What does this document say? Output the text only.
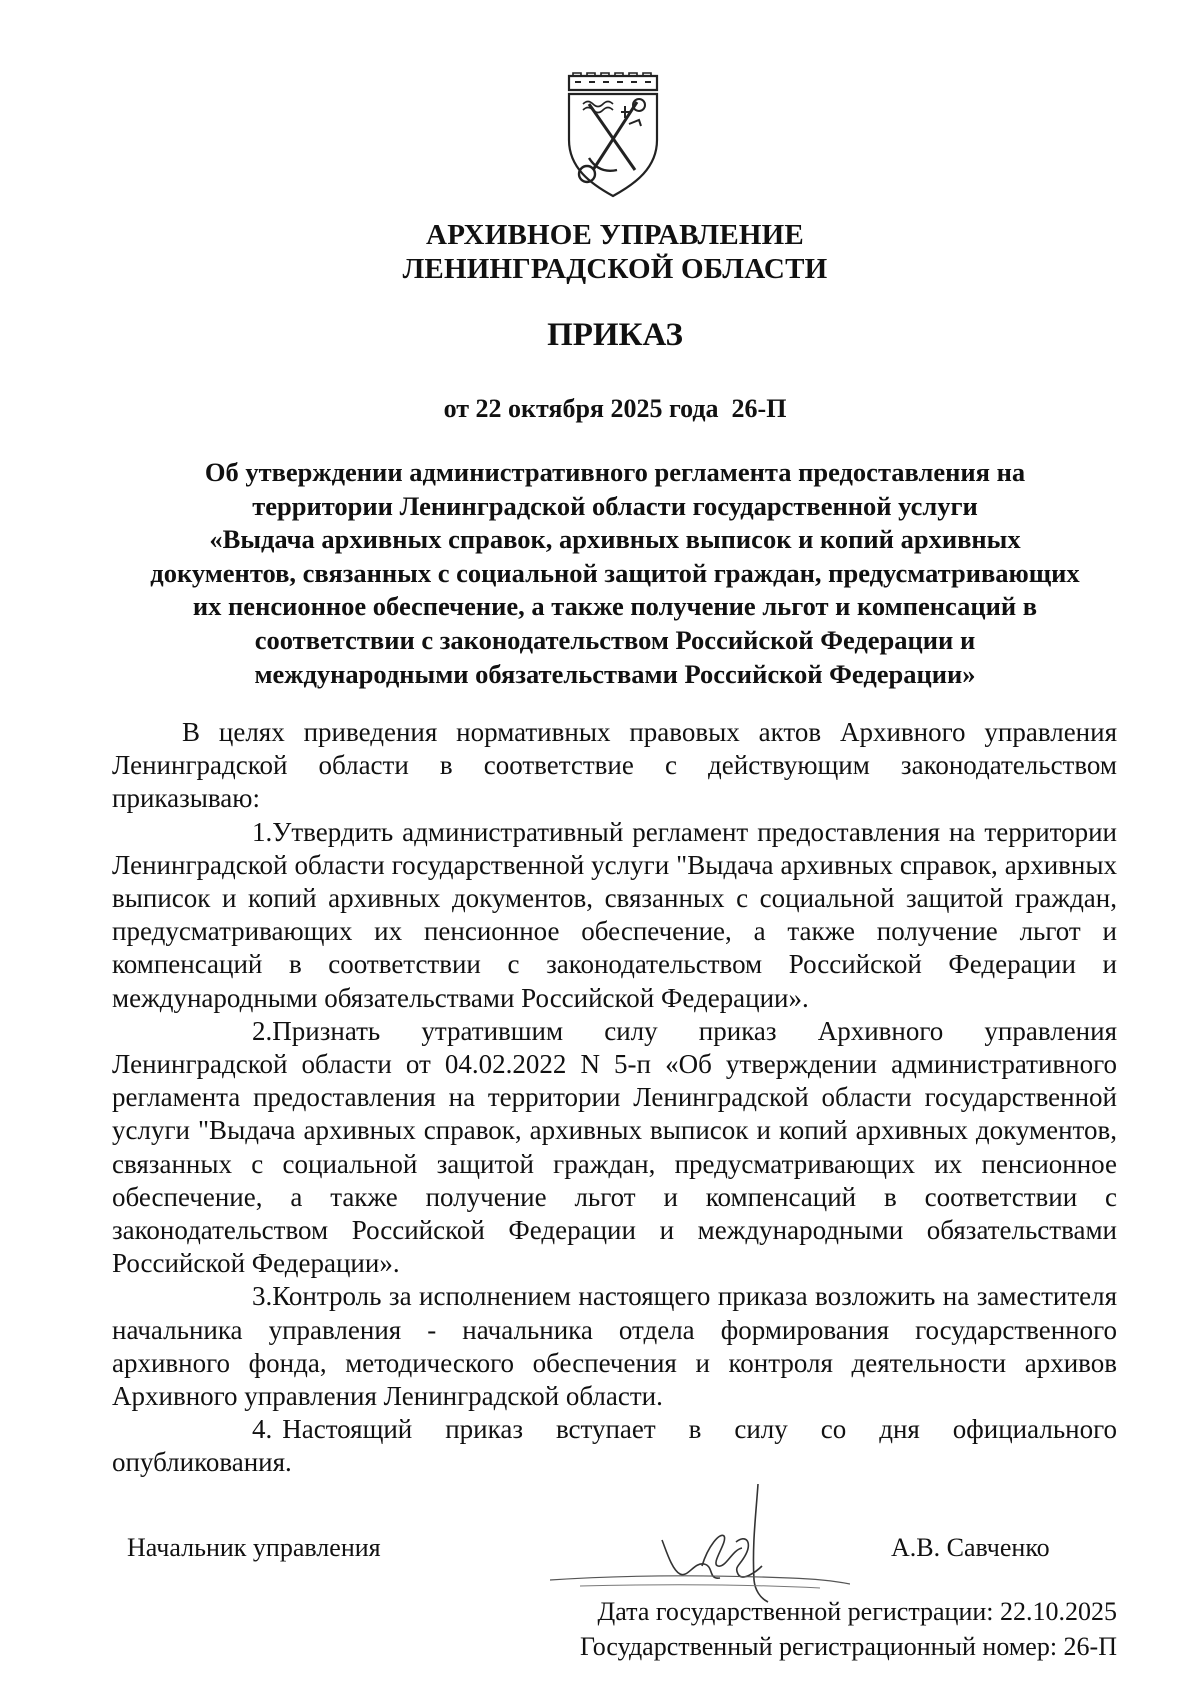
АРХИВНОЕ УПРАВЛЕНИЕ
ЛЕНИНГРАДСКОЙ ОБЛАСТИ
ПРИКАЗ
от 22 октября 2025 года  26-П
Об утверждении административного регламента предоставления на
территории Ленинградской области государственной услуги
«Выдача архивных справок, архивных выписок и копий архивных
документов, связанных с социальной защитой граждан, предусматривающих
их пенсионное обеспечение, а также получение льгот и компенсаций в
соответствии с законодательством Российской Федерации и
международными обязательствами Российской Федерации»

В целях приведения нормативных правовых актов Архивного управления Ленинградской области в соответствие с действующим законодательством приказываю:

1.Утвердить административный регламент предоставления на территории Ленинградской области государственной услуги "Выдача архивных справок, архивных выписок и копий архивных документов, связанных с социальной защитой граждан, предусматривающих их пенсионное обеспечение, а также получение льгот и компенсаций в соответствии с законодательством Российской Федерации и международными обязательствами Российской Федерации».

2.Признать утратившим силу приказ Архивного управления Ленинградской области от 04.02.2022 N 5-п «Об утверждении административного регламента предоставления на территории Ленинградской области государственной услуги "Выдача архивных справок, архивных выписок и копий архивных документов, связанных с социальной защитой граждан, предусматривающих их пенсионное обеспечение, а также получение льгот и компенсаций в соответствии с законодательством Российской Федерации и международными обязательствами Российской Федерации».

3.Контроль за исполнением настоящего приказа возложить на заместителя начальника управления - начальника отдела формирования государственного архивного фонда, методического обеспечения и контроля деятельности архивов Архивного управления Ленинградской области.

4. Настоящий приказ вступает в силу со дня официального опубликования.

Начальник управления	А.В. Савченко
Дата государственной регистрации: 22.10.2025
Государственный регистрационный номер: 26-П
